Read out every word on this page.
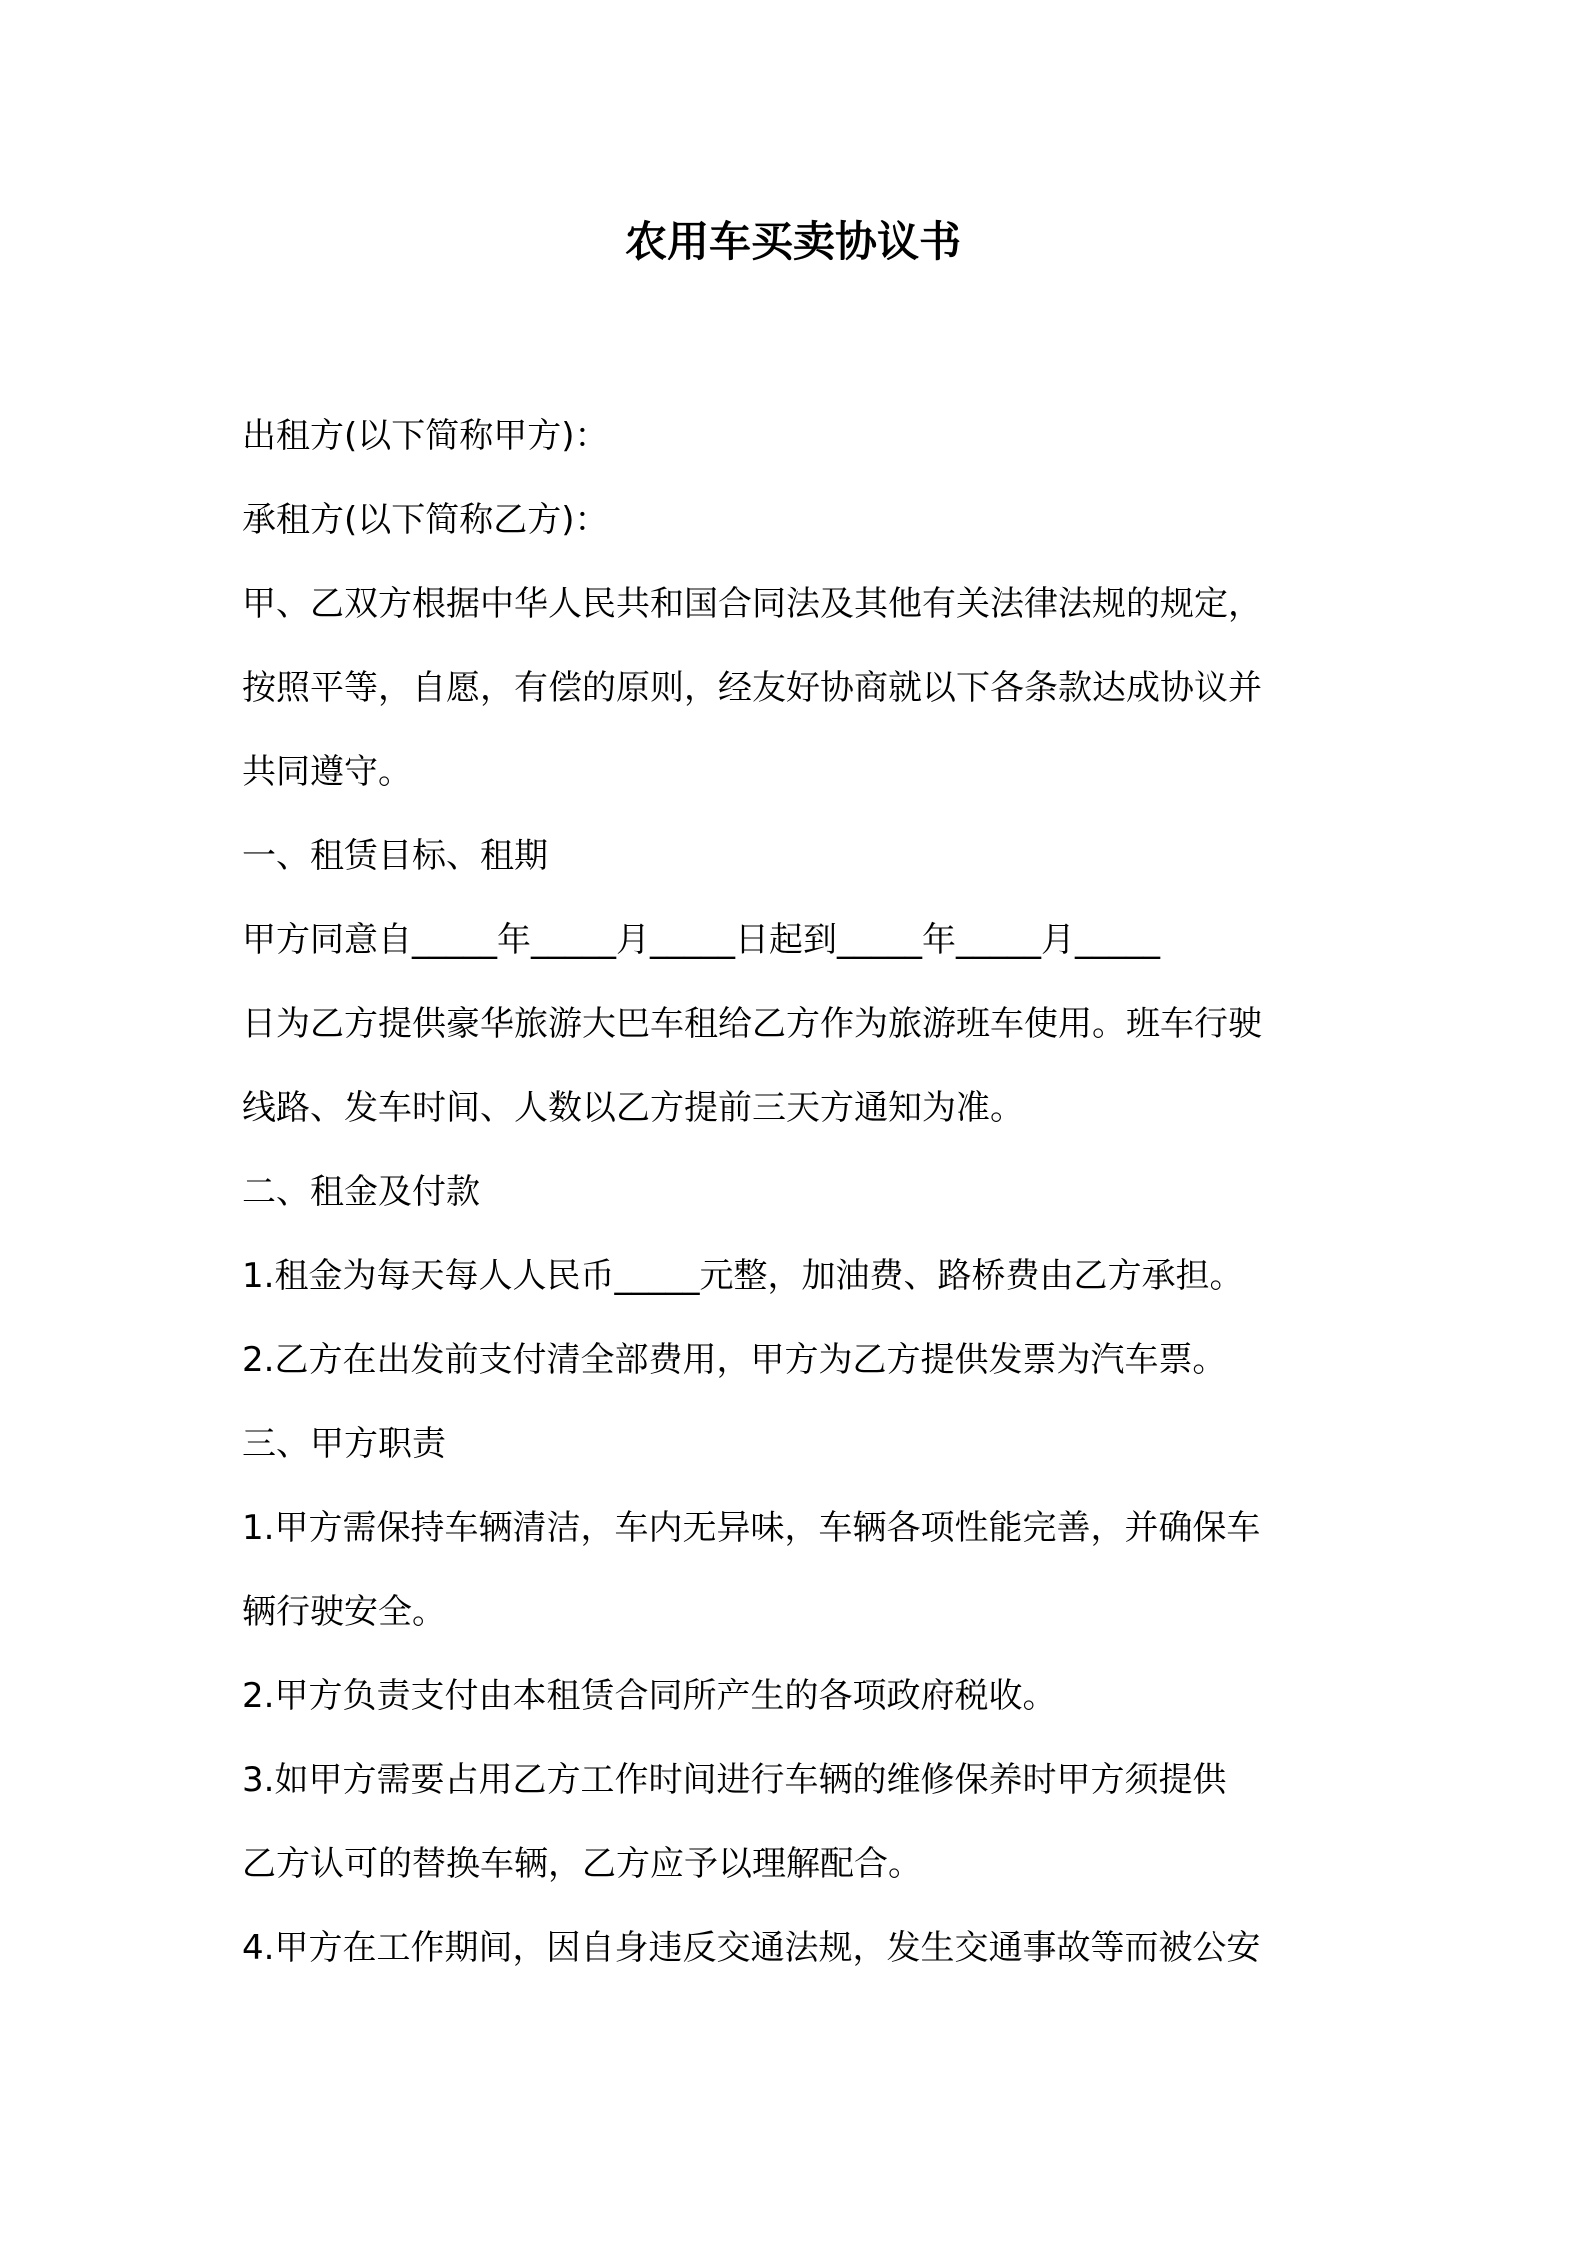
农用车买卖协议书
出租方(以下简称甲方)：
承租方(以下简称乙方)：
甲、乙双方根据中华人民共和国合同法及其他有关法律法规的规定，
按照平等，自愿，有偿的原则，经友好协商就以下各条款达成协议并
共同遵守。
一、租赁目标、租期
甲方同意自_____年_____月_____日起到_____年_____月_____
日为乙方提供豪华旅游大巴车租给乙方作为旅游班车使用。班车行驶
线路、发车时间、人数以乙方提前三天方通知为准。
二、租金及付款
1.租金为每天每人人民币_____元整，加油费、路桥费由乙方承担。
2.乙方在出发前支付清全部费用，甲方为乙方提供发票为汽车票。
三、甲方职责
1.甲方需保持车辆清洁，车内无异味，车辆各项性能完善，并确保车
辆行驶安全。
2.甲方负责支付由本租赁合同所产生的各项政府税收。
3.如甲方需要占用乙方工作时间进行车辆的维修保养时甲方须提供
乙方认可的替换车辆，乙方应予以理解配合。
4.甲方在工作期间，因自身违反交通法规，发生交通事故等而被公安
